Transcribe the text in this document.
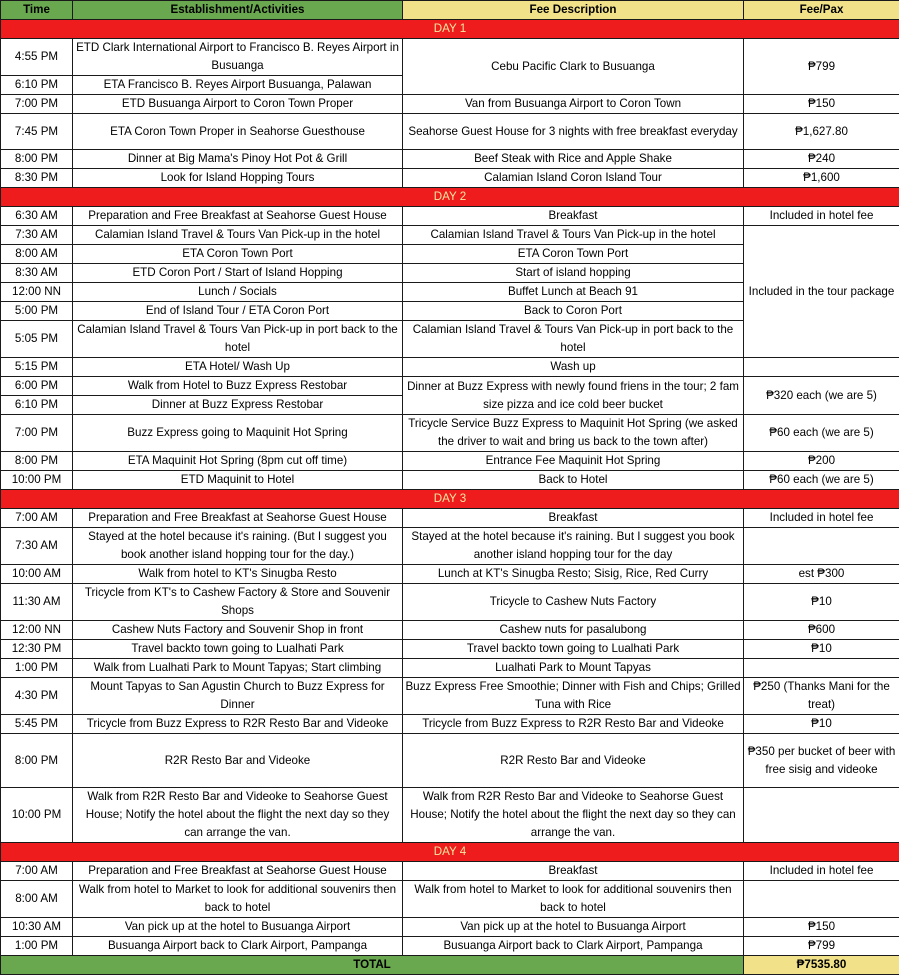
Time	Establishment/Activities	Fee Description	Fee/Pax
DAY 1			
4:55 PM	ETD Clark International Airport to Francisco B. Reyes Airport in Busuanga	Cebu Pacific Clark to Busuanga	₱799
6:10 PM	ETA Francisco B. Reyes Airport Busuanga, Palawan		
7:00 PM	ETD Busuanga Airport to Coron Town Proper	Van from Busuanga Airport to Coron Town	₱150
7:45 PM	ETA Coron Town Proper in Seahorse Guesthouse	Seahorse Guest House for 3 nights with free breakfast everyday	₱1,627.80
8:00 PM	Dinner at Big Mama's Pinoy Hot Pot & Grill	Beef Steak with Rice and Apple Shake	₱240
8:30 PM	Look for Island Hopping Tours	Calamian Island Coron Island Tour	₱1,600
DAY 2			
6:30 AM	Preparation and Free Breakfast at Seahorse Guest House	Breakfast	Included in hotel fee
7:30 AM	Calamian Island Travel & Tours Van Pick-up in the hotel	Calamian Island Travel & Tours Van Pick-up in the hotel	Included in the tour package
8:00 AM	ETA Coron Town Port	ETA Coron Town Port	
8:30 AM	ETD Coron Port / Start of Island Hopping	Start of island hopping	
12:00 NN	Lunch / Socials	Buffet Lunch at Beach 91	
5:00 PM	End of Island Tour / ETA Coron Port	Back to Coron Port	
5:05 PM	Calamian Island Travel & Tours Van Pick-up in port back to the hotel	Calamian Island Travel & Tours Van Pick-up in port back to the hotel	
5:15 PM	ETA Hotel/ Wash Up	Wash up	
6:00 PM	Walk from Hotel to Buzz Express Restobar	Dinner at Buzz Express with newly found friens in the tour; 2 fam size pizza and ice cold beer bucket	₱320 each (we are 5)
6:10 PM	Dinner at Buzz Express Restobar		
7:00 PM	Buzz Express going to Maquinit Hot Spring	Tricycle Service Buzz Express to Maquinit Hot Spring (we asked the driver to wait and bring us back to the town after)	₱60 each (we are 5)
8:00 PM	ETA Maquinit Hot Spring (8pm cut off time)	Entrance Fee Maquinit Hot Spring	₱200
10:00 PM	ETD Maquinit to Hotel	Back to Hotel	₱60 each (we are 5)
DAY 3			
7:00 AM	Preparation and Free Breakfast at Seahorse Guest House	Breakfast	Included in hotel fee
7:30 AM	Stayed at the hotel because it's raining. (But I suggest you book another island hopping tour for the day.)	Stayed at the hotel because it's raining. But I suggest you book another island hopping tour for the day	
10:00 AM	Walk from hotel to KT's Sinugba Resto	Lunch at KT's Sinugba Resto; Sisig, Rice, Red Curry	est ₱300
11:30 AM	Tricycle from KT's to Cashew Factory & Store and Souvenir Shops	Tricycle to Cashew Nuts Factory	₱10
12:00 NN	Cashew Nuts Factory and Souvenir Shop in front	Cashew nuts for pasalubong	₱600
12:30 PM	Travel backto town going to Lualhati Park	Travel backto town going to Lualhati Park	₱10
1:00 PM	Walk from Lualhati Park to Mount Tapyas; Start climbing	Lualhati Park to Mount Tapyas	
4:30 PM	Mount Tapyas to San Agustin Church to Buzz Express for Dinner	Buzz Express Free Smoothie; Dinner with Fish and Chips; Grilled Tuna with Rice	₱250 (Thanks Mani for the treat)
5:45 PM	Tricycle from Buzz Express to R2R Resto Bar and Videoke	Tricycle from Buzz Express to R2R Resto Bar and Videoke	₱10
8:00 PM	R2R Resto Bar and Videoke	R2R Resto Bar and Videoke	₱350 per bucket of beer with free sisig and videoke
10:00 PM	Walk from R2R Resto Bar and Videoke to Seahorse Guest House; Notify the hotel about the flight the next day so they can arrange the van.	Walk from R2R Resto Bar and Videoke to Seahorse Guest House; Notify the hotel about the flight the next day so they can arrange the van.	
DAY 4			
7:00 AM	Preparation and Free Breakfast at Seahorse Guest House	Breakfast	Included in hotel fee
8:00 AM	Walk from hotel to Market to look for additional souvenirs then back to hotel	Walk from hotel to Market to look for additional souvenirs then back to hotel	
10:30 AM	Van pick up at the hotel to Busuanga Airport	Van pick up at the hotel to Busuanga Airport	₱150
1:00 PM	Busuanga Airport back to Clark Airport, Pampanga	Busuanga Airport back to Clark Airport, Pampanga	₱799
TOTAL			₱7535.80
